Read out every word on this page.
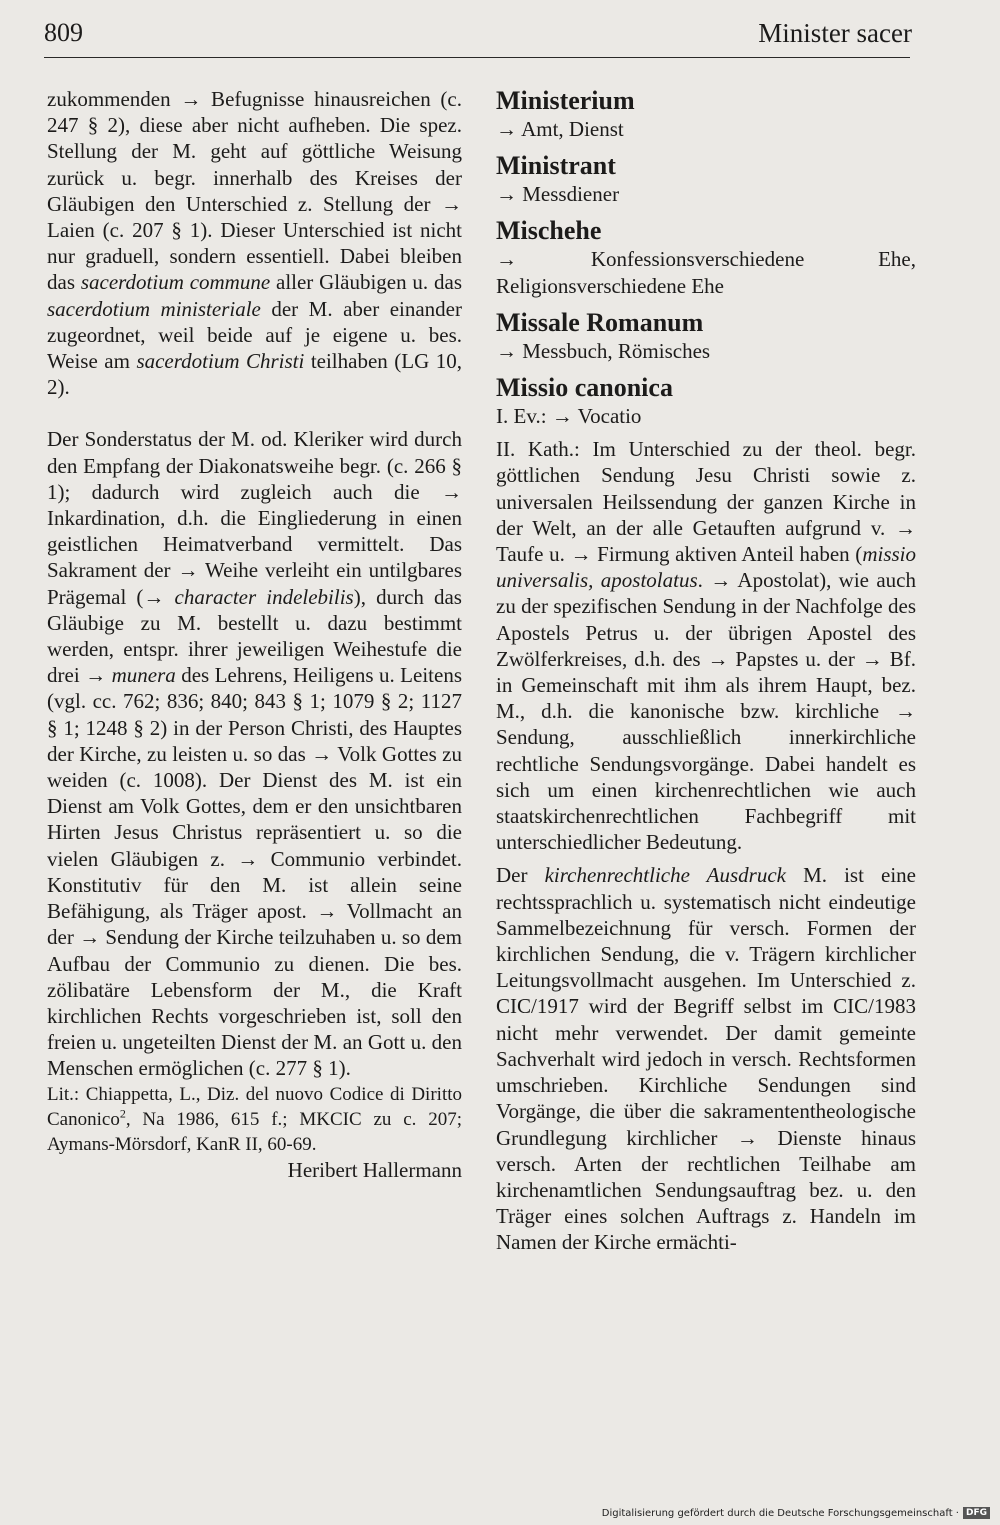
809	Minister sacer

zukommenden → Befugnisse hinausreichen (c. 247 § 2), diese aber nicht aufheben. Die spez. Stellung der M. geht auf göttliche Weisung zurück u. begr. innerhalb des Kreises der Gläubigen den Unterschied z. Stellung der → Laien (c. 207 § 1). Dieser Unterschied ist nicht nur graduell, sondern essentiell. Dabei bleiben das sacerdotium commune aller Gläubigen u. das sacerdotium ministeriale der M. aber einander zugeordnet, weil beide auf je eigene u. bes. Weise am sacerdotium Christi teilhaben (LG 10, 2).

Der Sonderstatus der M. od. Kleriker wird durch den Empfang der Diakonatsweihe begr. (c. 266 § 1); dadurch wird zugleich auch die → Inkardination, d.h. die Eingliederung in einen geistlichen Heimatverband vermittelt. Das Sakrament der → Weihe verleiht ein untilgbares Prägemal (→ character indelebilis), durch das Gläubige zu M. bestellt u. dazu bestimmt werden, entspr. ihrer jeweiligen Weihestufe die drei → munera des Lehrens, Heiligens u. Leitens (vgl. cc. 762; 836; 840; 843 § 1; 1079 § 2; 1127 § 1; 1248 § 2) in der Person Christi, des Hauptes der Kirche, zu leisten u. so das → Volk Gottes zu weiden (c. 1008). Der Dienst des M. ist ein Dienst am Volk Gottes, dem er den unsichtbaren Hirten Jesus Christus repräsentiert u. so die vielen Gläubigen z. → Communio verbindet. Konstitutiv für den M. ist allein seine Befähigung, als Träger apost. → Vollmacht an der → Sendung der Kirche teilzuhaben u. so dem Aufbau der Communio zu dienen. Die bes. zölibatäre Lebensform der M., die Kraft kirchlichen Rechts vorgeschrieben ist, soll den freien u. ungeteilten Dienst der M. an Gott u. den Menschen ermöglichen (c. 277 § 1).

Lit.: Chiappetta, L., Diz. del nuovo Codice di Diritto Canonico$^2$, Na 1986, 615 f.; MKCIC zu c. 207; Aymans-Mörsdorf, KanR II, 60-69.

Heribert Hallermann

Ministerium

→ Amt, Dienst

Ministrant

→ Messdiener

Mischehe

→ Konfessionsverschiedene Ehe, Religionsverschiedene Ehe

Missale Romanum

→ Messbuch, Römisches

Missio canonica

I. Ev.: → Vocatio

II. Kath.: Im Unterschied zu der theol. begr. göttlichen Sendung Jesu Christi sowie z. universalen Heilssendung der ganzen Kirche in der Welt, an der alle Getauften aufgrund v. → Taufe u. → Firmung aktiven Anteil haben (missio universalis, apostolatus. → Apostolat), wie auch zu der spezifischen Sendung in der Nachfolge des Apostels Petrus u. der übrigen Apostel des Zwölferkreises, d.h. des → Papstes u. der → Bf. in Gemeinschaft mit ihm als ihrem Haupt, bez. M., d.h. die kanonische bzw. kirchliche → Sendung, ausschließlich innerkirchliche rechtliche Sendungsvorgänge. Dabei handelt es sich um einen kirchenrechtlichen wie auch staatskirchenrechtlichen Fachbegriff mit unterschiedlicher Bedeutung.

Der kirchenrechtliche Ausdruck M. ist eine rechtssprachlich u. systematisch nicht eindeutige Sammelbezeichnung für versch. Formen der kirchlichen Sendung, die v. Trägern kirchlicher Leitungsvollmacht ausgehen. Im Unterschied z. CIC/1917 wird der Begriff selbst im CIC/1983 nicht mehr verwendet. Der damit gemeinte Sachverhalt wird jedoch in versch. Rechtsformen umschrieben. Kirchliche Sendungen sind Vorgänge, die über die sakramententheologische Grundlegung kirchlicher → Dienste hinaus versch. Arten der rechtlichen Teilhabe am kirchenamtlichen Sendungsauftrag bez. u. den Träger eines solchen Auftrags z. Handeln im Namen der Kirche ermächti-

Digitalisierung gefördert durch die Deutsche Forschungsgemeinschaft · DFG
